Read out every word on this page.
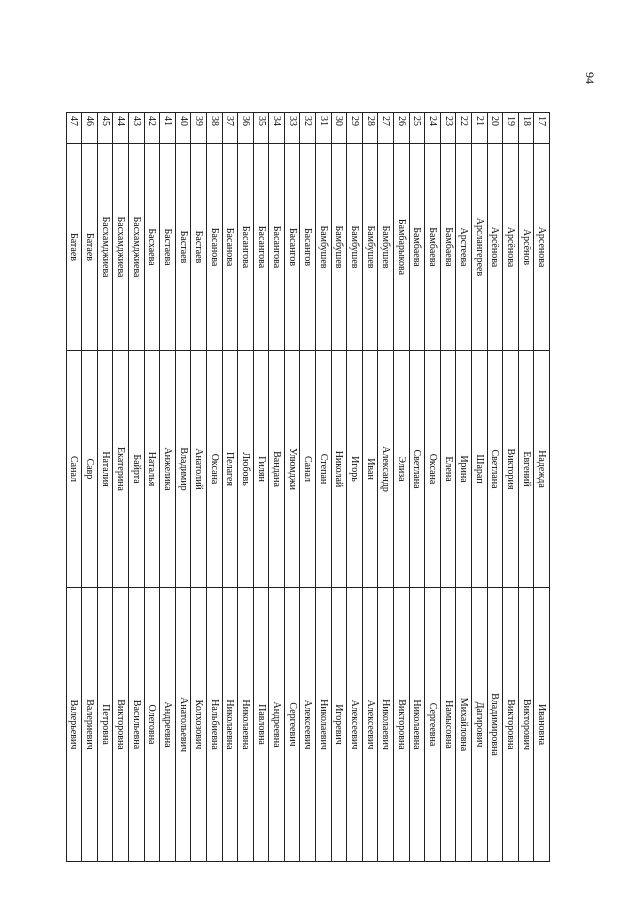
94
17	Арсенова	Надежда	Ивановна
18	Арсёнов	Евгений	Викторович
19	Арсёнова	Виктория	Викторовна
20	Арсёнова	Светлана	Владимировна
21	Арслангереев	Шарап	Дагирович
22	Арстеева	Ирина	Михайловна
23	Бамбаева	Елена	Намысовна
24	Бамбаева	Оксана	Сергеевна
25	Бамбаева	Светлана	Николаевна
26	Бамбарыкова	Элиза	Викторовна
27	Бамбушев	Александр	Николаевич
28	Бамбушев	Иван	Алексеевич
29	Бамбушев	Игорь	Алексеевич
30	Бамбушев	Николай	Игоревич
31	Бамбушев	Степан	Николаевич
32	Басангов	Санал	Алексеевич
33	Басангов	Улюмджи	Сергеевич
34	Басангова	Вандана	Андреевна
35	Басангова	Гилян	Павловна
36	Басангова	Любовь	Николаевна
37	Басанова	Пелагея	Николаевна
38	Басанова	Оксана	Нальбиевна
39	Бастаев	Анатолий	Колхозович
40	Бастаев	Владимир	Анатольевич
41	Бастаева	Анжелика	Андреевна
42	Басхаева	Наталья	Олеговна
43	Басхамджиева	Байрта	Васильевна
44	Басхамджиева	Екатерина	Викторовна
45	Басхамджиева	Наталия	Петровна
46	Батаев	Савр	Валериевич
47	Батаев	Санал	Валерьевич
